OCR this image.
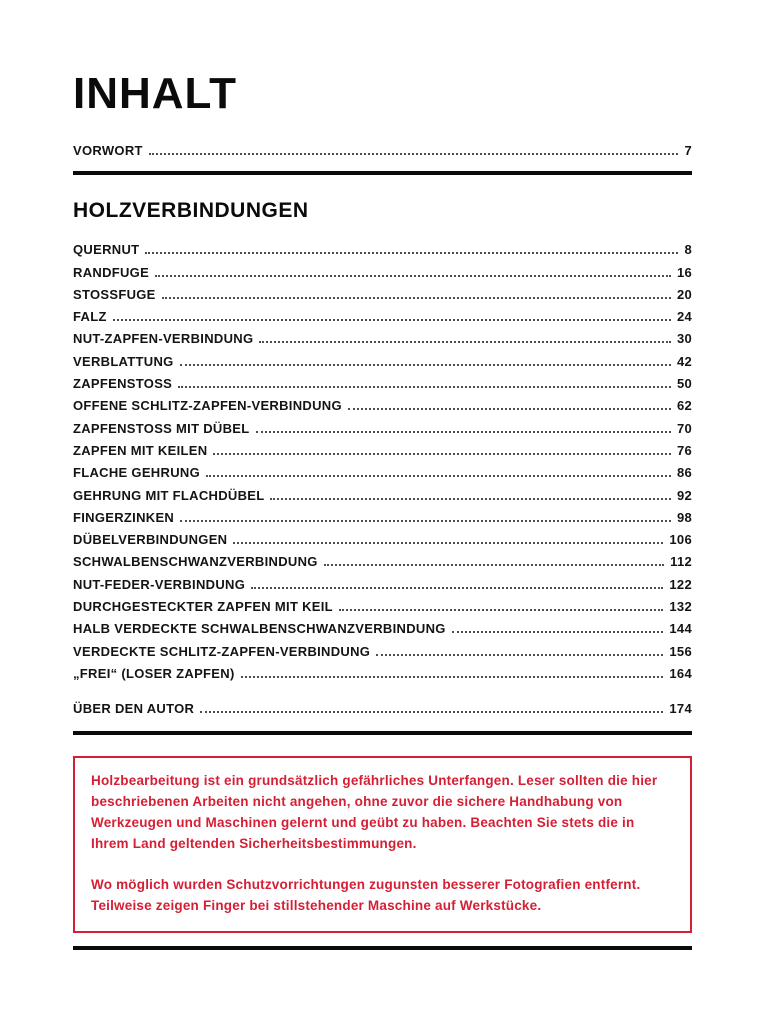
INHALT
VORWORT	7
HOLZVERBINDUNGEN
QUERNUT	8
RANDFUGE	16
STOSSFUGE	20
FALZ	24
NUT-ZAPFEN-VERBINDUNG	30
VERBLATTUNG	42
ZAPFENSTOSS	50
OFFENE SCHLITZ-ZAPFEN-VERBINDUNG	62
ZAPFENSTOSS MIT DÜBEL	70
ZAPFEN MIT KEILEN	76
FLACHE GEHRUNG	86
GEHRUNG MIT FLACHDÜBEL	92
FINGERZINKEN	98
DÜBELVERBINDUNGEN	106
SCHWALBENSCHWANZVERBINDUNG	112
NUT-FEDER-VERBINDUNG	122
DURCHGESTECKTER ZAPFEN MIT KEIL	132
HALB VERDECKTE SCHWALBENSCHWANZVERBINDUNG	144
VERDECKTE SCHLITZ-ZAPFEN-VERBINDUNG	156
„FREI“ (LOSER ZAPFEN)	164
ÜBER DEN AUTOR	174

Holzbearbeitung ist ein grundsätzlich gefährliches Unterfangen. Leser sollten die hier beschriebenen Arbeiten nicht angehen, ohne zuvor die sichere Handhabung von Werkzeugen und Maschinen gelernt und geübt zu haben. Beachten Sie stets die in Ihrem Land geltenden Sicherheitsbestimmungen.

Wo möglich wurden Schutzvorrichtungen zugunsten besserer Fotografien entfernt. Teilweise zeigen Finger bei stillstehender Maschine auf Werkstücke.
